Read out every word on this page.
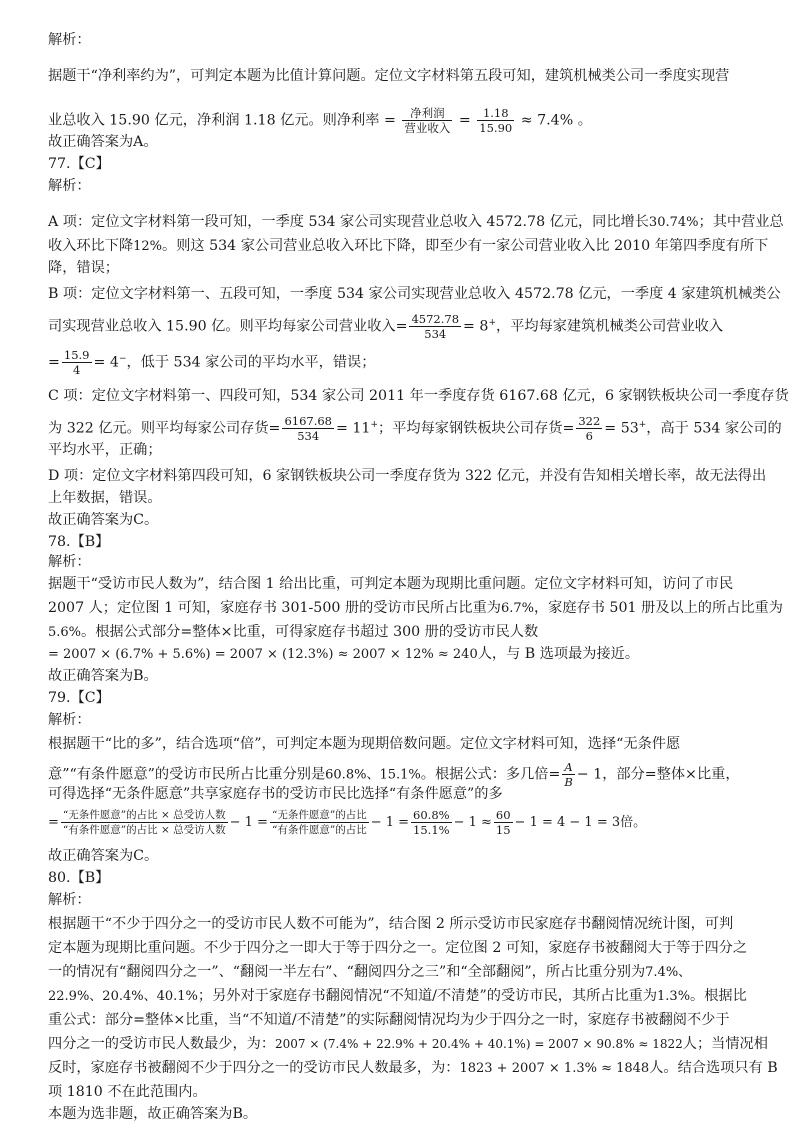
解析：
据题干“净利率约为”，可判定本题为比值计算问题。定位文字材料第五段可知，建筑机械类公司一季度实现营
业总收入 15.90 亿元，净利润 1.18 亿元。则净利率 = $\frac{\text{净利润}}{\text{营业收入}} = \frac{1.18}{15.90} \approx 7.4\%$ 。
故正确答案为A。
77.【C】
解析：
A 项：定位文字材料第一段可知，一季度 534 家公司实现营业总收入 4572.78 亿元，同比增长30.74%；其中营业总
收入环比下降12%。则这 534 家公司营业总收入环比下降，即至少有一家公司营业收入比 2010 年第四季度有所下
降，错误；
B 项：定位文字材料第一、五段可知，一季度 534 家公司实现营业总收入 4572.78 亿元，一季度 4 家建筑机械类公
司实现营业总收入 15.90 亿。则平均每家公司营业收入= $\frac{4572.78}{534} = 8^+$，平均每家建筑机械类公司营业收入
= $\frac{15.9}{4} = 4^-$，低于 534 家公司的平均水平，错误；
C 项：定位文字材料第一、四段可知，534 家公司 2011 年一季度存货 6167.68 亿元，6 家钢铁板块公司一季度存货
为 322 亿元。则平均每家公司存货= $\frac{6167.68}{534} = 11^+$；平均每家钢铁板块公司存货= $\frac{322}{6} = 53^+$，高于 534 家公司的
平均水平，正确；
D 项：定位文字材料第四段可知，6 家钢铁板块公司一季度存货为 322 亿元，并没有告知相关增长率，故无法得出
上年数据，错误。
故正确答案为C。
78.【B】
解析：
据题干“受访市民人数为”，结合图 1 给出比重，可判定本题为现期比重问题。定位文字材料可知，访问了市民
2007 人；定位图 1 可知，家庭存书 301-500 册的受访市民所占比重为6.7%，家庭存书 501 册及以上的所占比重为
5.6%。根据公式部分=整体×比重，可得家庭存书超过 300 册的受访市民人数
= 2007 × (6.7% + 5.6%) = 2007 × (12.3%) ≈ 2007 × 12% ≈ 240人，与 B 选项最为接近。
故正确答案为B。
79.【C】
解析：
根据题干“比的多”，结合选项“倍”，可判定本题为现期倍数问题。定位文字材料可知，选择“无条件愿
意”“有条件愿意”的受访市民所占比重分别是60.8%、15.1%。根据公式：多几倍= $\frac{A}{B} - 1$，部分=整体×比重，
可得选择“无条件愿意”共享家庭存书的受访市民比选择“有条件愿意”的多
= $\frac{\text{“无条件愿意”的占比 × 总受访人数}}{\text{“有条件愿意”的占比 × 总受访人数}} - 1 = \frac{\text{“无条件愿意”的占比}}{\text{“有条件愿意”的占比}} - 1 = \frac{60.8\%}{15.1\%} - 1 \approx \frac{60}{15} - 1 = 4 - 1 = 3$倍。
故正确答案为C。
80.【B】
解析：
根据题干“不少于四分之一的受访市民人数不可能为”，结合图 2 所示受访市民家庭存书翻阅情况统计图，可判
定本题为现期比重问题。不少于四分之一即大于等于四分之一。定位图 2 可知，家庭存书被翻阅大于等于四分之
一的情况有“翻阅四分之一”、“翻阅一半左右”、“翻阅四分之三”和“全部翻阅”，所占比重分别为7.4%、
22.9%、20.4%、40.1%；另外对于家庭存书翻阅情况“不知道/不清楚”的受访市民，其所占比重为1.3%。根据比
重公式：部分=整体×比重，当“不知道/不清楚”的实际翻阅情况均为少于四分之一时，家庭存书被翻阅不少于
四分之一的受访市民人数最少，为：2007 × (7.4% + 22.9% + 20.4% + 40.1%) = 2007 × 90.8% ≈ 1822人；当情况相
反时，家庭存书被翻阅不少于四分之一的受访市民人数最多，为：1823 + 2007 × 1.3% ≈ 1848人。结合选项只有 B
项 1810 不在此范围内。
本题为选非题，故正确答案为B。
